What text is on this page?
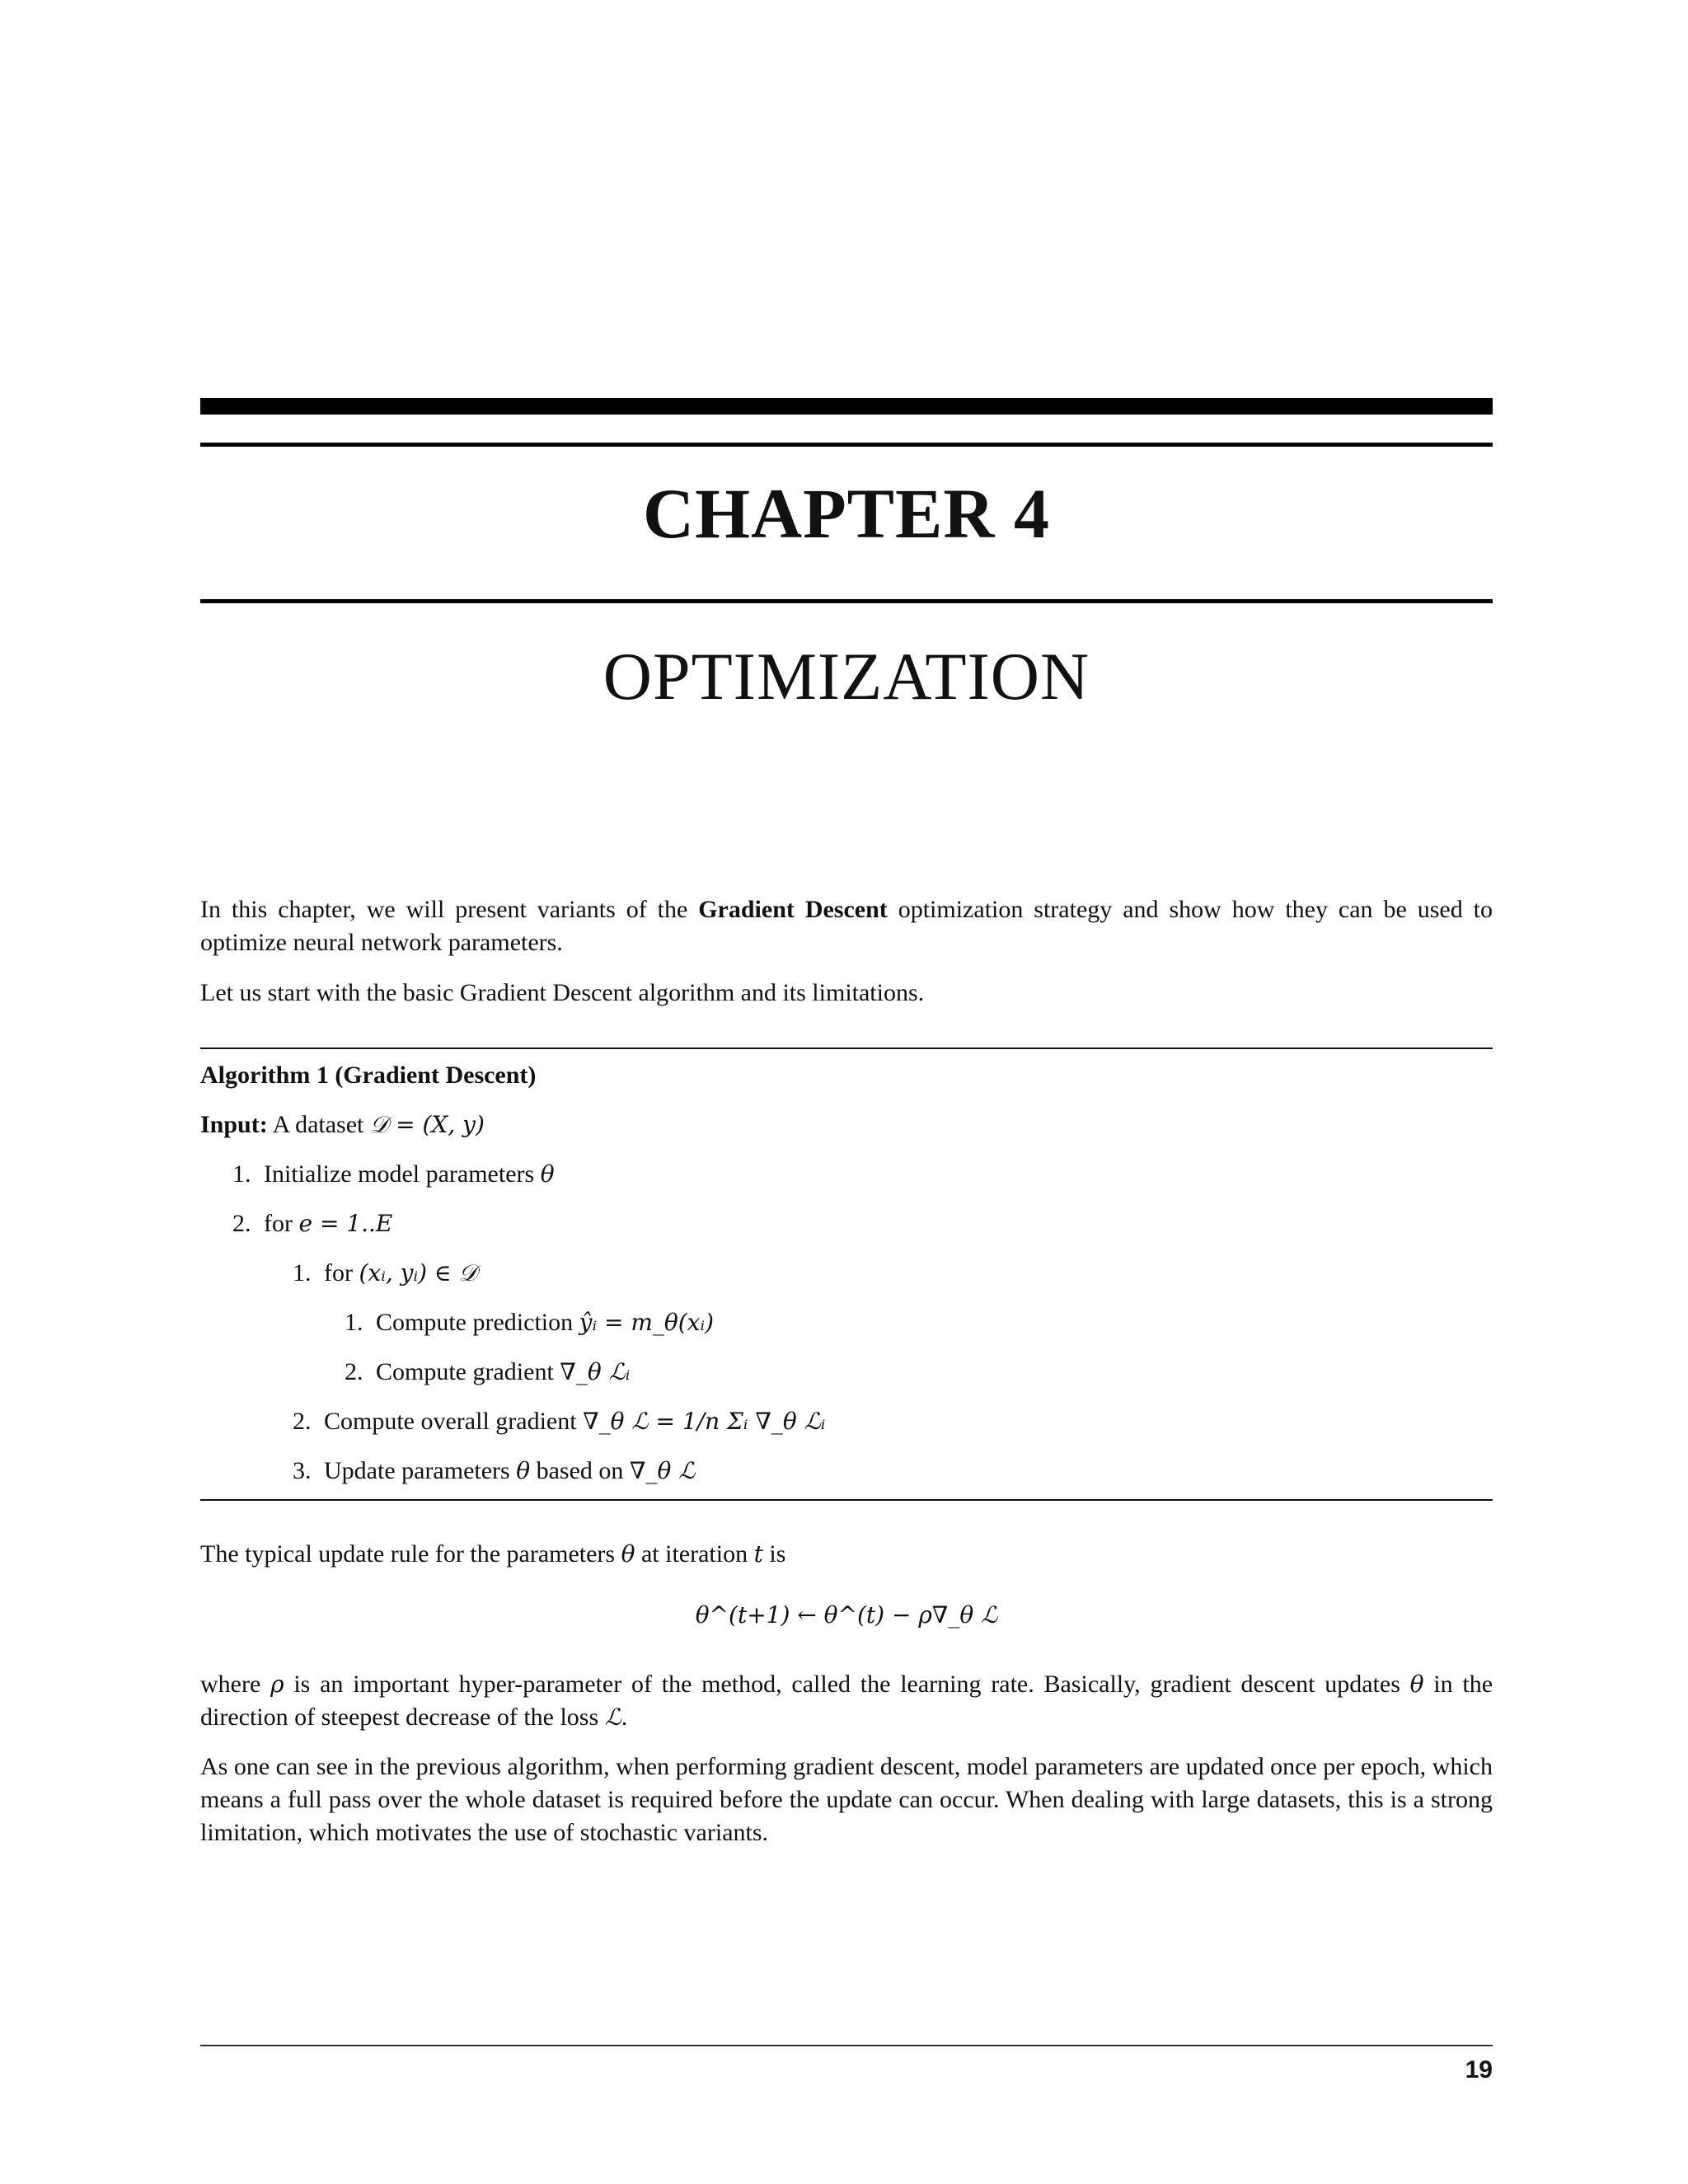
CHAPTER 4
OPTIMIZATION

In this chapter, we will present variants of the Gradient Descent optimization strategy and show how they can be used to optimize neural network parameters.

Let us start with the basic Gradient Descent algorithm and its limitations.

Algorithm 1 (Gradient Descent)
Input: A dataset 𝒟 = (X, y)
1. Initialize model parameters θ
2. for e = 1..E
1. for (xᵢ, yᵢ) ∈ 𝒟
1. Compute prediction ŷᵢ = m_θ(xᵢ)
2. Compute gradient ∇_θ ℒᵢ
2. Compute overall gradient ∇_θ ℒ = 1/n Σᵢ ∇_θ ℒᵢ
3. Update parameters θ based on ∇_θ ℒ

The typical update rule for the parameters θ at iteration t is

θ^(t+1) ← θ^(t) − ρ∇_θ ℒ

where ρ is an important hyper-parameter of the method, called the learning rate. Basically, gradient descent updates θ in the direction of steepest decrease of the loss ℒ.

As one can see in the previous algorithm, when performing gradient descent, model parameters are updated once per epoch, which means a full pass over the whole dataset is required before the update can occur. When dealing with large datasets, this is a strong limitation, which motivates the use of stochastic variants.

19
